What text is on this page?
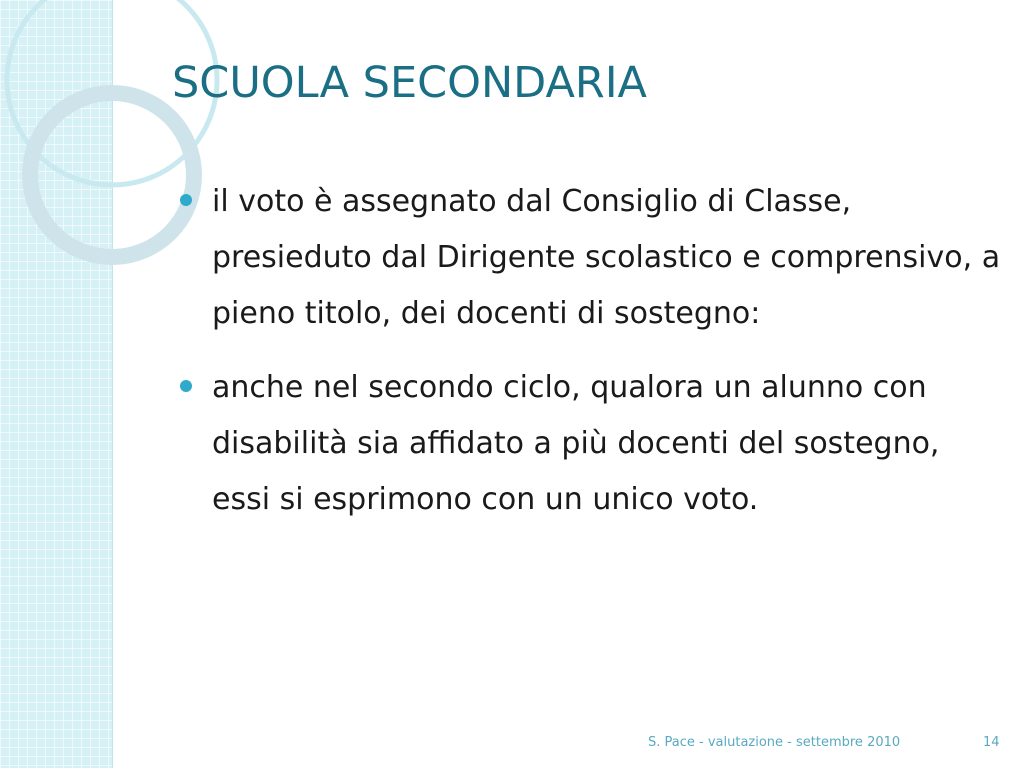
SCUOLA SECONDARIA
il voto è assegnato dal Consiglio di Classe, presieduto dal Dirigente scolastico e comprensivo, a pieno titolo, dei docenti di sostegno:
anche nel secondo ciclo, qualora un alunno con disabilità sia affidato a più docenti del sostegno, essi si esprimono con un unico voto.
S. Pace - valutazione - settembre 2010	14
